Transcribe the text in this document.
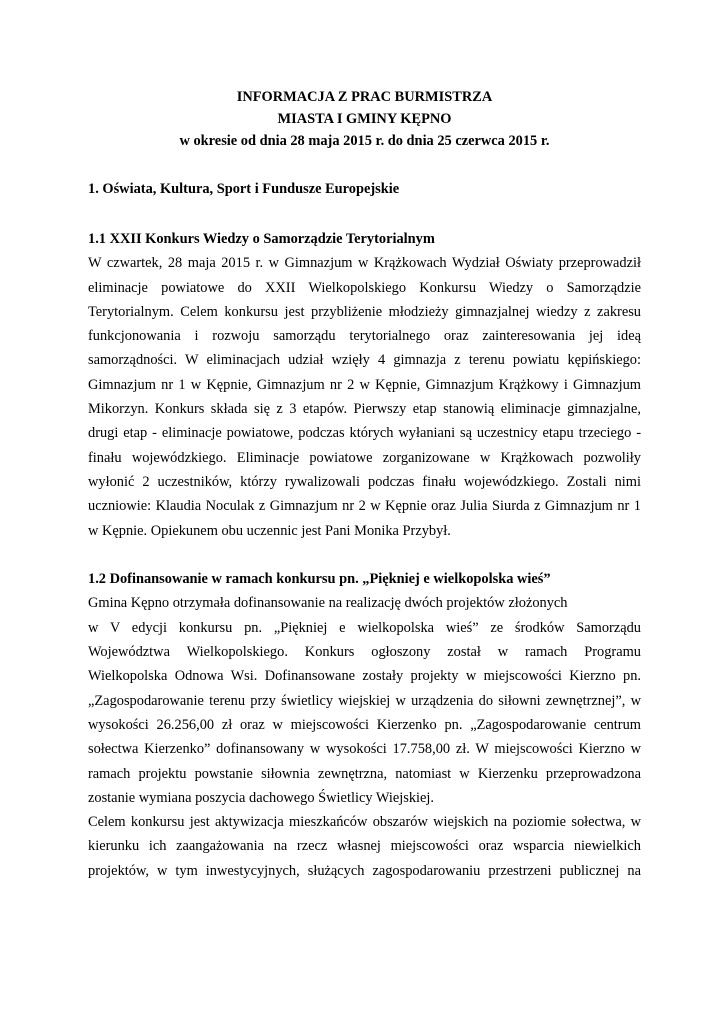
INFORMACJA Z PRAC BURMISTRZA

MIASTA I GMINY KĘPNO

w okresie od dnia 28 maja 2015 r. do dnia 25 czerwca 2015 r.

1. Oświata, Kultura, Sport i Fundusze Europejskie

1.1 XXII Konkurs Wiedzy o Samorządzie Terytorialnym

W czwartek, 28 maja 2015 r. w Gimnazjum w Krążkowach Wydział Oświaty przeprowadził
eliminacje powiatowe do XXII Wielkopolskiego Konkursu Wiedzy o Samorządzie
Terytorialnym. Celem konkursu jest przybliżenie młodzieży gimnazjalnej wiedzy z zakresu
funkcjonowania i rozwoju samorządu terytorialnego oraz zainteresowania jej ideą
samorządności. W eliminacjach udział wzięły 4 gimnazja z terenu powiatu kępińskiego:
Gimnazjum nr 1 w Kępnie, Gimnazjum nr 2 w Kępnie, Gimnazjum Krążkowy i Gimnazjum
Mikorzyn. Konkurs składa się z 3 etapów. Pierwszy etap stanowią eliminacje gimnazjalne,
drugi etap - eliminacje powiatowe, podczas których wyłaniani są uczestnicy etapu trzeciego -
finału wojewódzkiego. Eliminacje powiatowe zorganizowane w Krążkowach pozwoliły
wyłonić 2 uczestników, którzy rywalizowali podczas finału wojewódzkiego. Zostali nimi
uczniowie: Klaudia Noculak z Gimnazjum nr 2 w Kępnie oraz Julia Siurda z Gimnazjum nr 1
w Kępnie. Opiekunem obu uczennic jest Pani Monika Przybył.

1.2 Dofinansowanie w ramach konkursu pn. „Piękniej e wielkopolska wieś”

Gmina Kępno otrzymała dofinansowanie na realizację dwóch projektów złożonych
w V edycji konkursu pn. „Piękniej e wielkopolska wieś” ze środków Samorządu
Województwa Wielkopolskiego. Konkurs ogłoszony został w ramach Programu
Wielkopolska Odnowa Wsi. Dofinansowane zostały projekty w miejscowości Kierzno pn.
„Zagospodarowanie terenu przy świetlicy wiejskiej w urządzenia do siłowni zewnętrznej”, w
wysokości 26.256,00 zł oraz w miejscowości Kierzenko pn. „Zagospodarowanie centrum
sołectwa Kierzenko” dofinansowany w wysokości 17.758,00 zł. W miejscowości Kierzno w
ramach projektu powstanie siłownia zewnętrzna, natomiast w Kierzenku przeprowadzona
zostanie wymiana poszycia dachowego Świetlicy Wiejskiej.
Celem konkursu jest aktywizacja mieszkańców obszarów wiejskich na poziomie sołectwa, w
kierunku ich zaangażowania na rzecz własnej miejscowości oraz wsparcia niewielkich
projektów, w tym inwestycyjnych, służących zagospodarowaniu przestrzeni publicznej na
